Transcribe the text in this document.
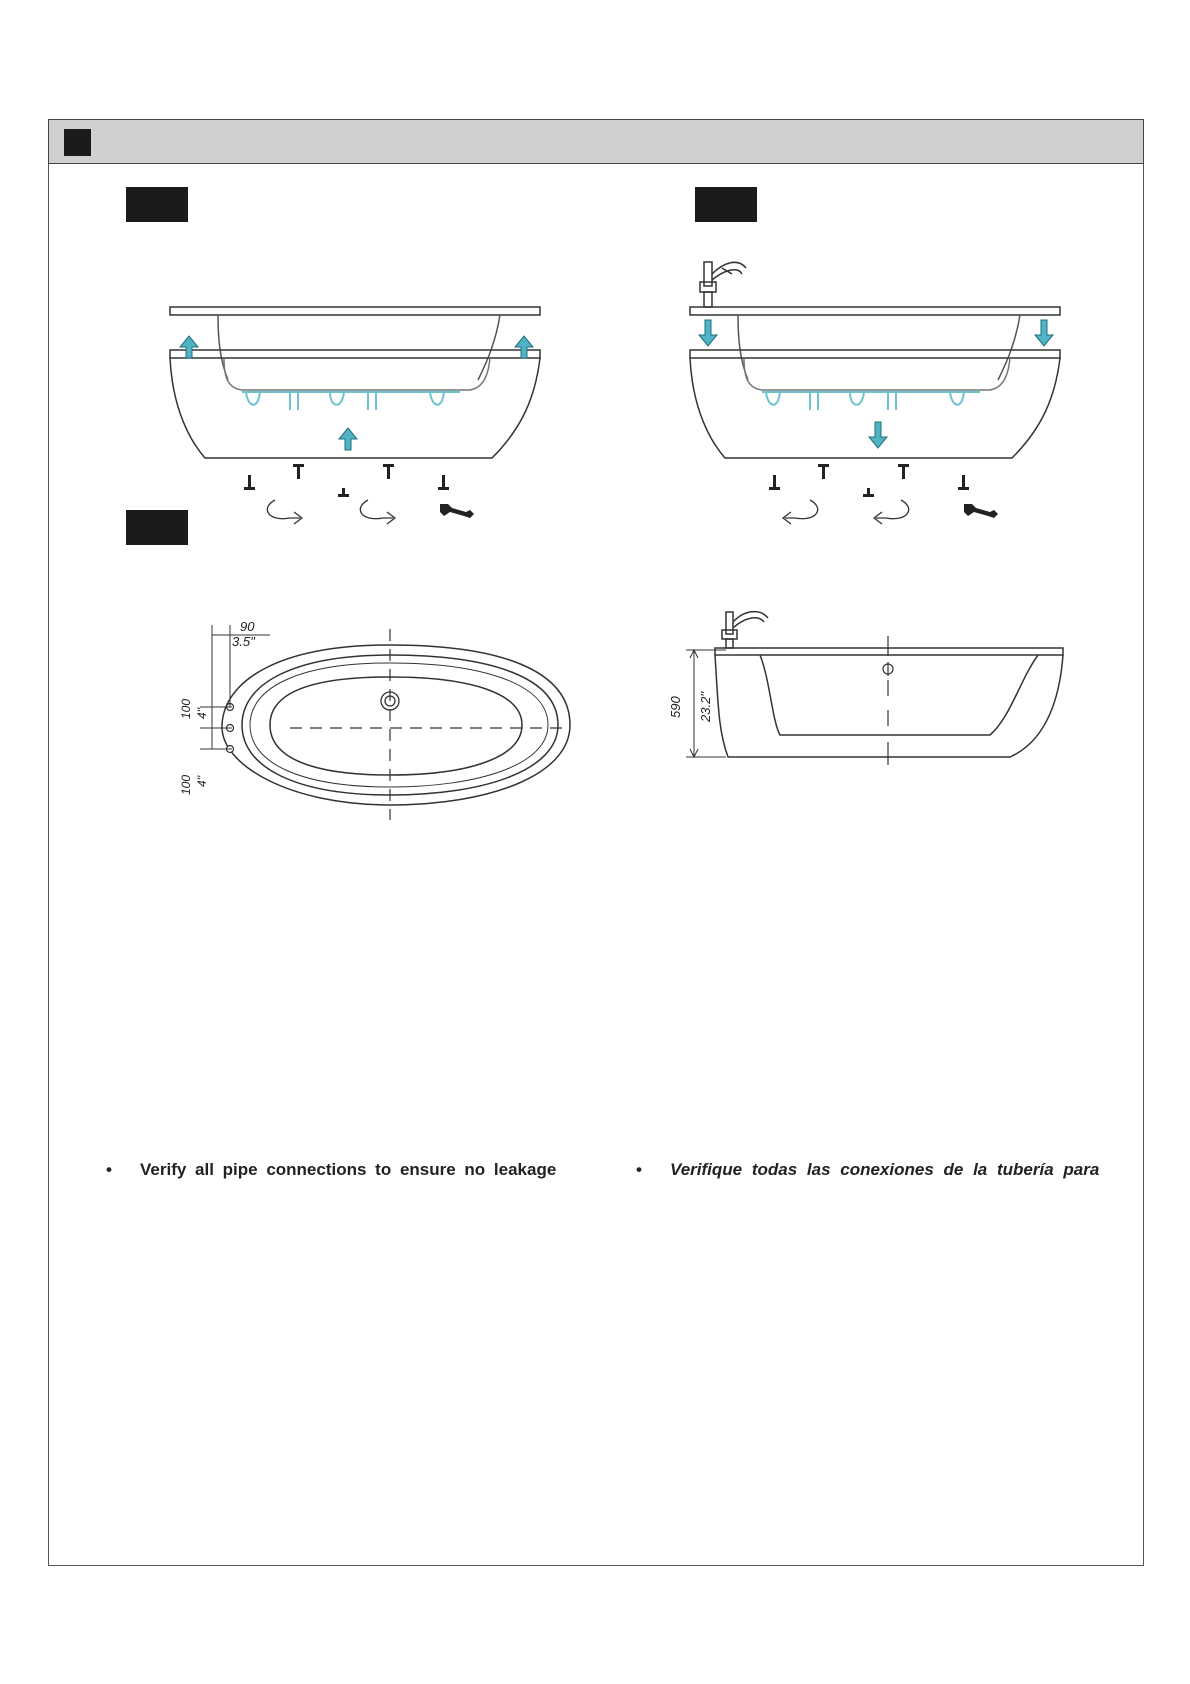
90
3.5''
100 4''
100 4''
590 23.2''
• Verify all pipe connections to ensure no leakage	• Verifique todas las conexiones de la tubería para
